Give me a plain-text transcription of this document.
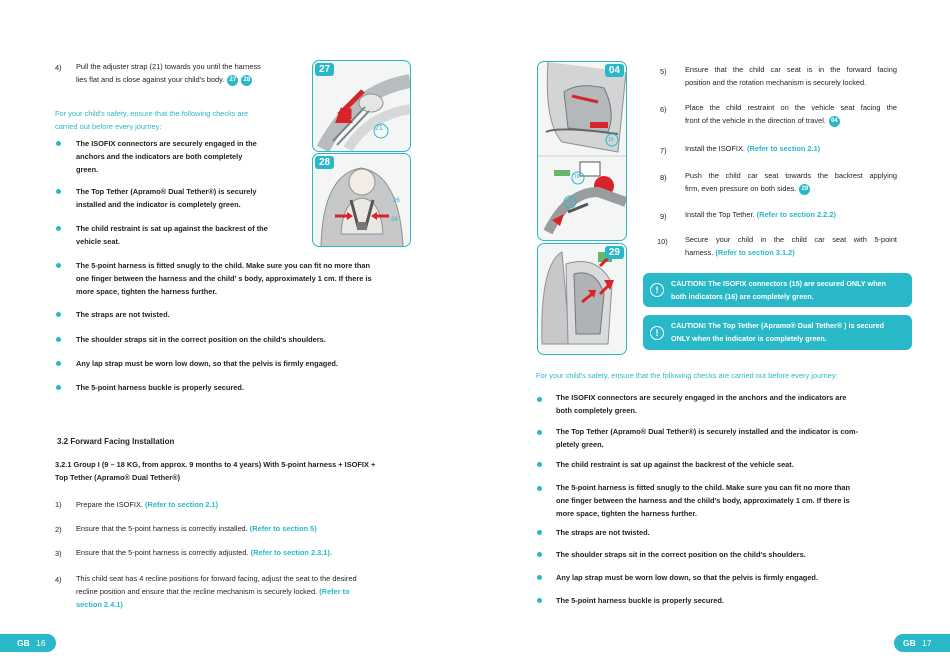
4) Pull the adjuster strap (21) towards you until the harness
lies flat and is close against your child's body. 27 28
For your child's safety, ensure that the following checks are
carried out before every journey:
The ISOFIX connectors are securely engaged in the
anchors and the indicators are both completely
green.
The Top Tether (Apramo® Dual Tether®) is securely
installed and the indicator is completely green.
The child restraint is sat up against the backrest of the
vehicle seat.
The 5-point harness is fitted snugly to the child. Make sure you can fit no more than
one finger between the harness and the child’ s body, approximately 1 cm. If there is
more space, tighten the harness further.
The straps are not twisted.
The shoulder straps sit in the correct position on the child's shoulders.
Any lap strap must be worn low down, so that the pelvis is firmly engaged.
The 5-point harness buckle is properly secured.
3.2 Forward Facing Installation
3.2.1 Group I (9 – 18 KG, from approx. 9 months to 4 years) With 5-point harness + ISOFIX +
Top Tether (Apramo® Dual Tether®)
1) Prepare the ISOFIX. (Refer to section 2.1)
2) Ensure that the 5-point harness is correctly installed. (Refer to section 5)
3) Ensure that the 5-point harness is correctly adjusted. (Refer to section 2.3.1).
4) This child seat has 4 recline positions for forward facing, adjust the seat to the desired
recline position and ensure that the recline mechanism is securely locked. (Refer to
section 2.4.1)
27
21
28
26
26
GB 16
04
16
15
15
29
5) Ensure that the child car seat is in the forward facing
position and the rotation mechanism is securely locked.
6) Place the child restraint on the vehicle seat facing the
front of the vehicle in the direction of travel. 04
7) Install the ISOFIX. (Refer to section 2.1)
8) Push the child car seat towards the backrest applying
firm, even pressure on both sides. 29
9) Install the Top Tether. (Refer to section 2.2.2)
10) Secure your child in the child car seat with 5-point
harness. (Refer to section 3.1.2)
!
CAUTION! The ISOFIX connectors (15) are secured ONLY when
both indicators (16) are completely green.
!
CAUTION! The Top Tether (Apramo® Dual Tether® ) is secured
ONLY when the indicator is completely green.
For your child's safety, ensure that the following checks are carried out before every journey:
The ISOFIX connectors are securely engaged in the anchors and the indicators are
both completely green.
The Top Tether (Apramo® Dual Tether®) is securely installed and the indicator is com-
pletely green.
The child restraint is sat up against the backrest of the vehicle seat.
The 5-point harness is fitted snugly to the child. Make sure you can fit no more than
one finger between the harness and the child's body, approximately 1 cm. If there is
more space, tighten the harness further.
The straps are not twisted.
The shoulder straps sit in the correct position on the child's shoulders.
Any lap strap must be worn low down, so that the pelvis is firmly engaged.
The 5-point harness buckle is properly secured.
GB 17
